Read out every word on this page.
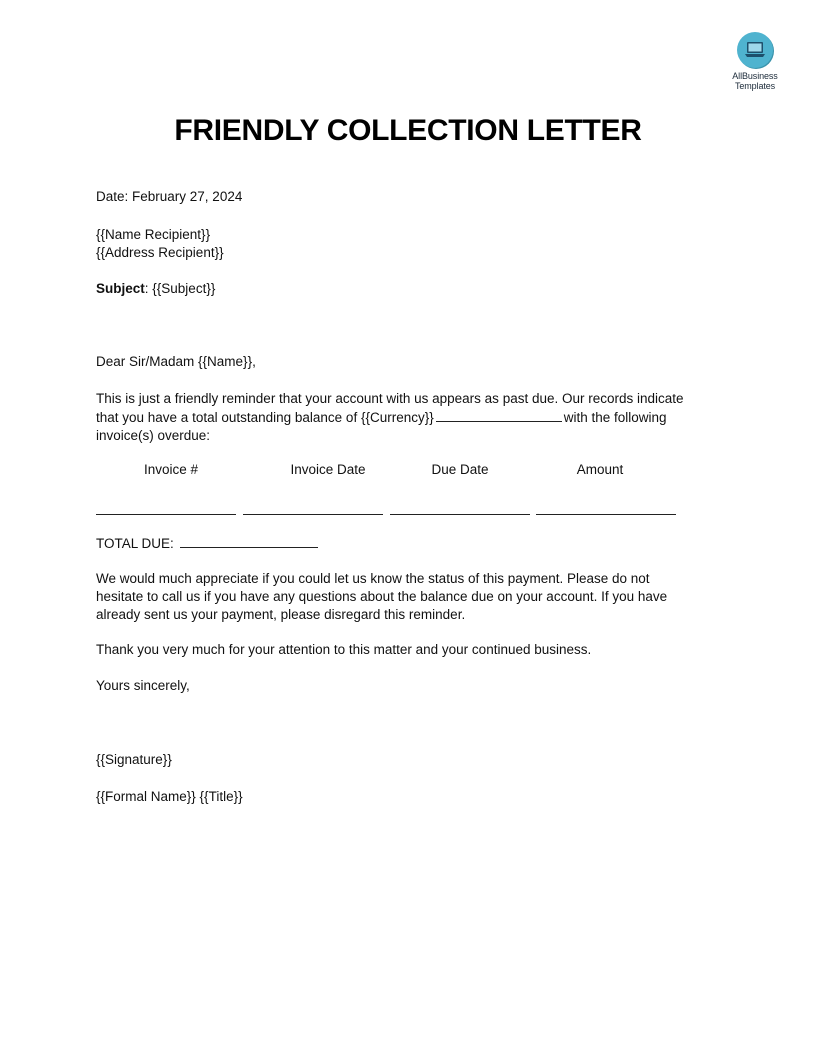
AllBusiness
Templates
FRIENDLY COLLECTION LETTER
Date: February 27, 2024
{{Name Recipient}}
{{Address Recipient}}
Subject: {{Subject}}
Dear Sir/Madam {{Name}},
This is just a friendly reminder that your account with us appears as past due. Our records indicate that you have a total outstanding balance of {{Currency}}	with the following invoice(s) overdue:
Invoice #	Invoice Date	Due Date	Amount
TOTAL DUE:
We would much appreciate if you could let us know the status of this payment. Please do not hesitate to call us if you have any questions about the balance due on your account. If you have already sent us your payment, please disregard this reminder.
Thank you very much for your attention to this matter and your continued business.
Yours sincerely,
{{Signature}}
{{Formal Name}} {{Title}}
